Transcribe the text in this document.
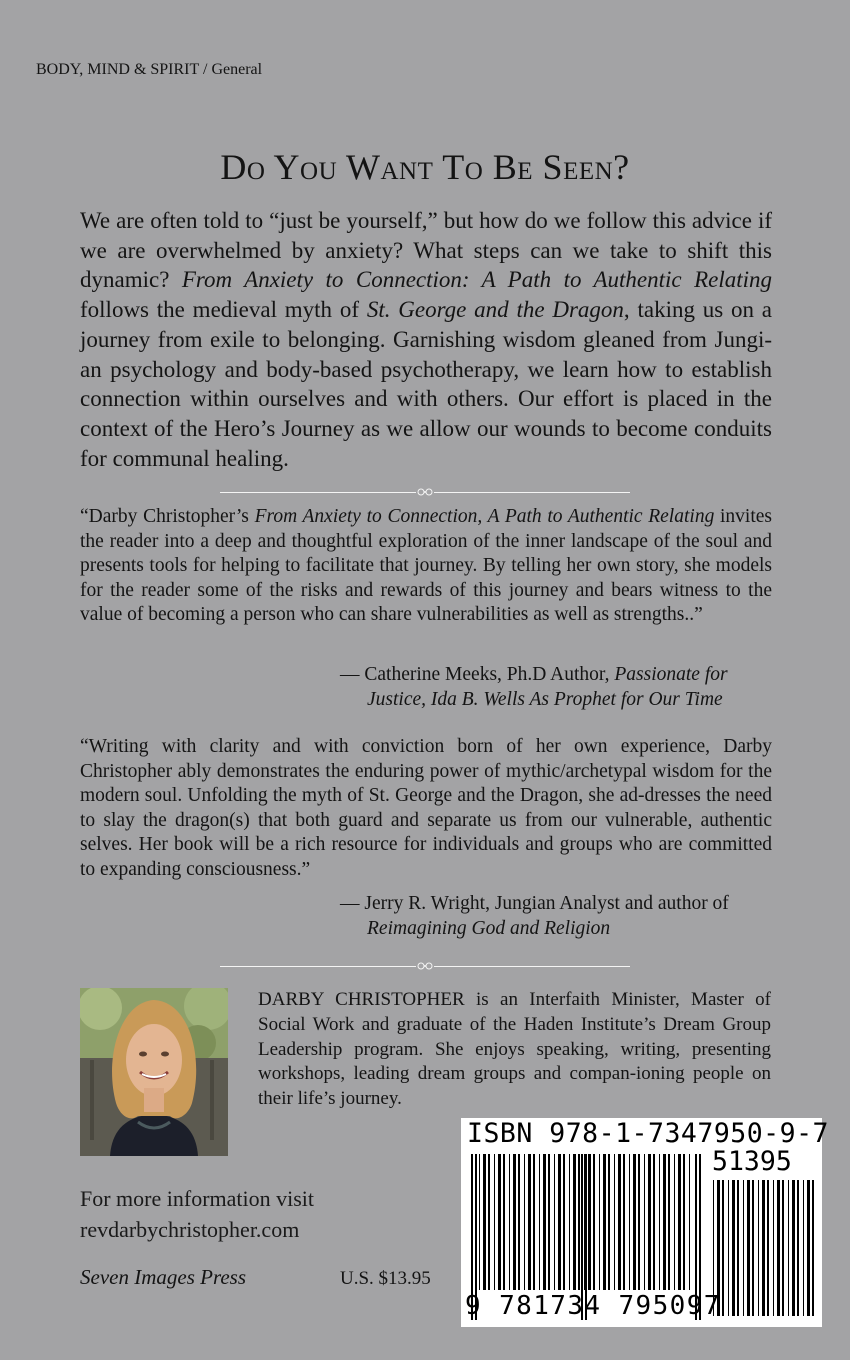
BODY, MIND & SPIRIT / General
Do You Want To Be Seen?
We are often told to “just be yourself,” but how do we follow this advice if we are overwhelmed by anxiety? What steps can we take to shift this dynamic? From Anxiety to Connection: A Path to Authentic Relating follows the medieval myth of St. George and the Dragon, taking us on a journey from exile to belonging. Garnishing wisdom gleaned from Jungi-an psychology and body-based psychotherapy, we learn how to establish connection within ourselves and with others. Our effort is placed in the context of the Hero’s Journey as we allow our wounds to become conduits for communal healing.
“Darby Christopher’s From Anxiety to Connection, A Path to Authentic Relating invites the reader into a deep and thoughtful exploration of the inner landscape of the soul and presents tools for helping to facilitate that journey. By telling her own story, she models for the reader some of the risks and rewards of this journey and bears witness to the value of becoming a person who can share vulnerabilities as well as strengths..”
— Catherine Meeks, Ph.D Author, Passionate for
Justice, Ida B. Wells As Prophet for Our Time
“Writing with clarity and with conviction born of her own experience, Darby Christopher ably demonstrates the enduring power of mythic/archetypal wisdom for the modern soul. Unfolding the myth of St. George and the Dragon, she ad-dresses the need to slay the dragon(s) that both guard and separate us from our vulnerable, authentic selves. Her book will be a rich resource for individuals and groups who are committed to expanding consciousness.”
— Jerry R. Wright, Jungian Analyst and author of
Reimagining God and Religion
DARBY CHRISTOPHER is an Interfaith Minister, Master of Social Work and graduate of the Haden Institute’s Dream Group Leadership program. She enjoys speaking, writing, presenting workshops, leading dream groups and compan-ioning people on their life’s journey.
For more information visit
revdarbychristopher.com
Seven Images Press	U.S. $13.95
ISBN 978-1-7347950-9-7
51395
9 781734 795097
